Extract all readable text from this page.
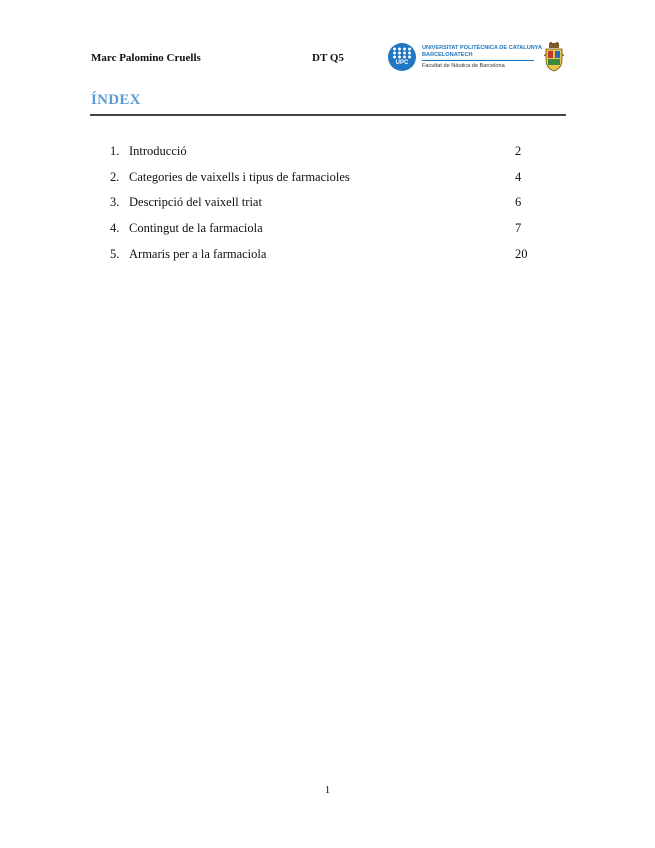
Marc Palomino Cruells	DT Q5	UPC
UNIVERSITAT POLITÈCNICA DE CATALUNYA
BARCELONATECH
Facultat de Nàutica de Barcelona
ÍNDEX
1. Introducció	2
2. Categories de vaixells i tipus de farmacioles	4
3. Descripció del vaixell triat	6
4. Contingut de la farmaciola	7
5. Armaris per a la farmaciola	20
1
